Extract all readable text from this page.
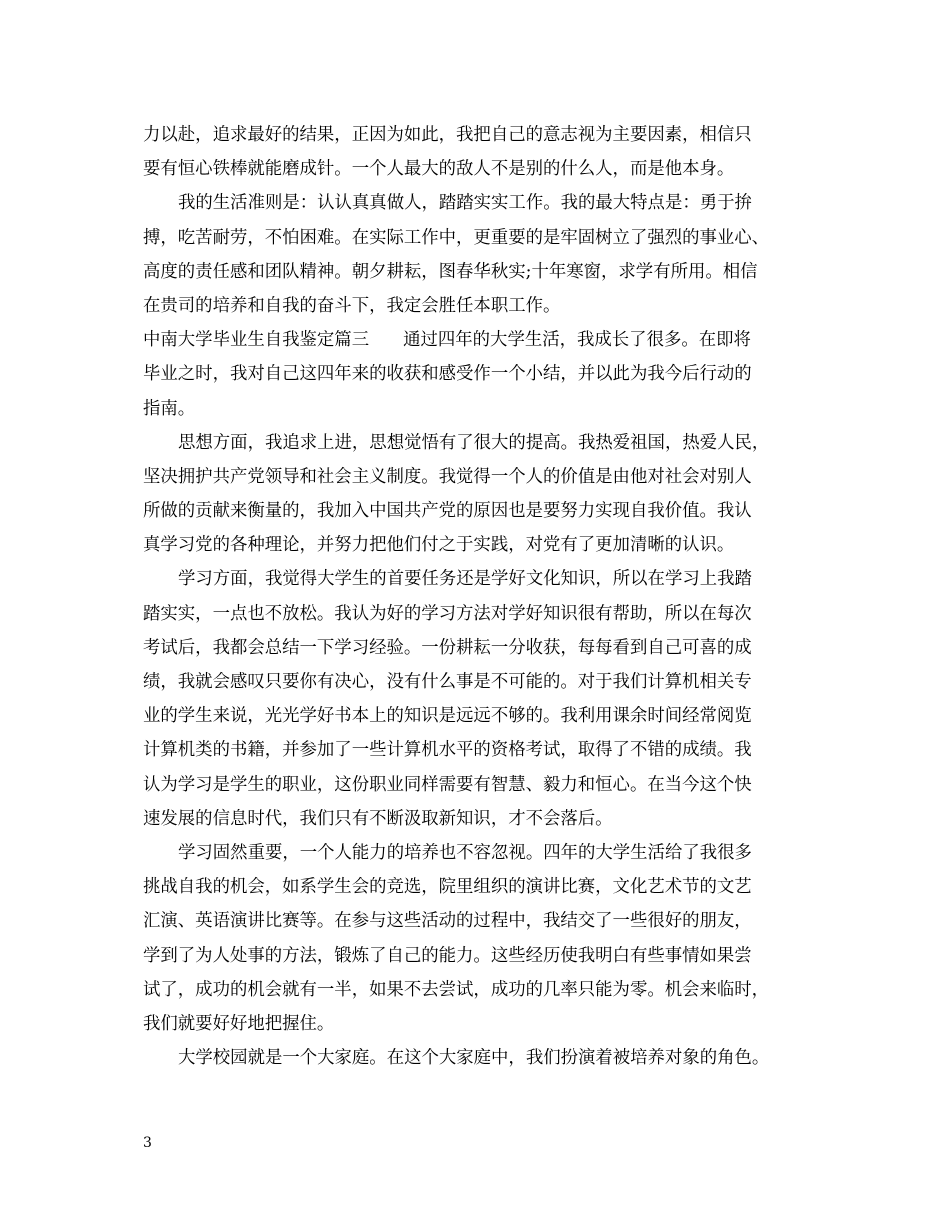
力以赴，追求最好的结果，正因为如此，我把自己的意志视为主要因素，相信只
要有恒心铁棒就能磨成针。一个人最大的敌人不是别的什么人，而是他本身。
我的生活准则是：认认真真做人，踏踏实实工作。我的最大特点是：勇于拚
搏，吃苦耐劳，不怕困难。在实际工作中，更重要的是牢固树立了强烈的事业心、
高度的责任感和团队精神。朝夕耕耘，图春华秋实;十年寒窗，求学有所用。相信
在贵司的培养和自我的奋斗下，我定会胜任本职工作。
中南大学毕业生自我鉴定篇三 通过四年的大学生活，我成长了很多。在即将
毕业之时，我对自己这四年来的收获和感受作一个小结，并以此为我今后行动的
指南。
思想方面，我追求上进，思想觉悟有了很大的提高。我热爱祖国，热爱人民，
坚决拥护共产党领导和社会主义制度。我觉得一个人的价值是由他对社会对别人
所做的贡献来衡量的，我加入中国共产党的原因也是要努力实现自我价值。我认
真学习党的各种理论，并努力把他们付之于实践，对党有了更加清晰的认识。
学习方面，我觉得大学生的首要任务还是学好文化知识，所以在学习上我踏
踏实实，一点也不放松。我认为好的学习方法对学好知识很有帮助，所以在每次
考试后，我都会总结一下学习经验。一份耕耘一分收获，每每看到自己可喜的成
绩，我就会感叹只要你有决心，没有什么事是不可能的。对于我们计算机相关专
业的学生来说，光光学好书本上的知识是远远不够的。我利用课余时间经常阅览
计算机类的书籍，并参加了一些计算机水平的资格考试，取得了不错的成绩。我
认为学习是学生的职业，这份职业同样需要有智慧、毅力和恒心。在当今这个快
速发展的信息时代，我们只有不断汲取新知识，才不会落后。
学习固然重要，一个人能力的培养也不容忽视。四年的大学生活给了我很多
挑战自我的机会，如系学生会的竞选，院里组织的演讲比赛，文化艺术节的文艺
汇演、英语演讲比赛等。在参与这些活动的过程中，我结交了一些很好的朋友，
学到了为人处事的方法，锻炼了自己的能力。这些经历使我明白有些事情如果尝
试了，成功的机会就有一半，如果不去尝试，成功的几率只能为零。机会来临时，
我们就要好好地把握住。
大学校园就是一个大家庭。在这个大家庭中，我们扮演着被培养对象的角色。
3
